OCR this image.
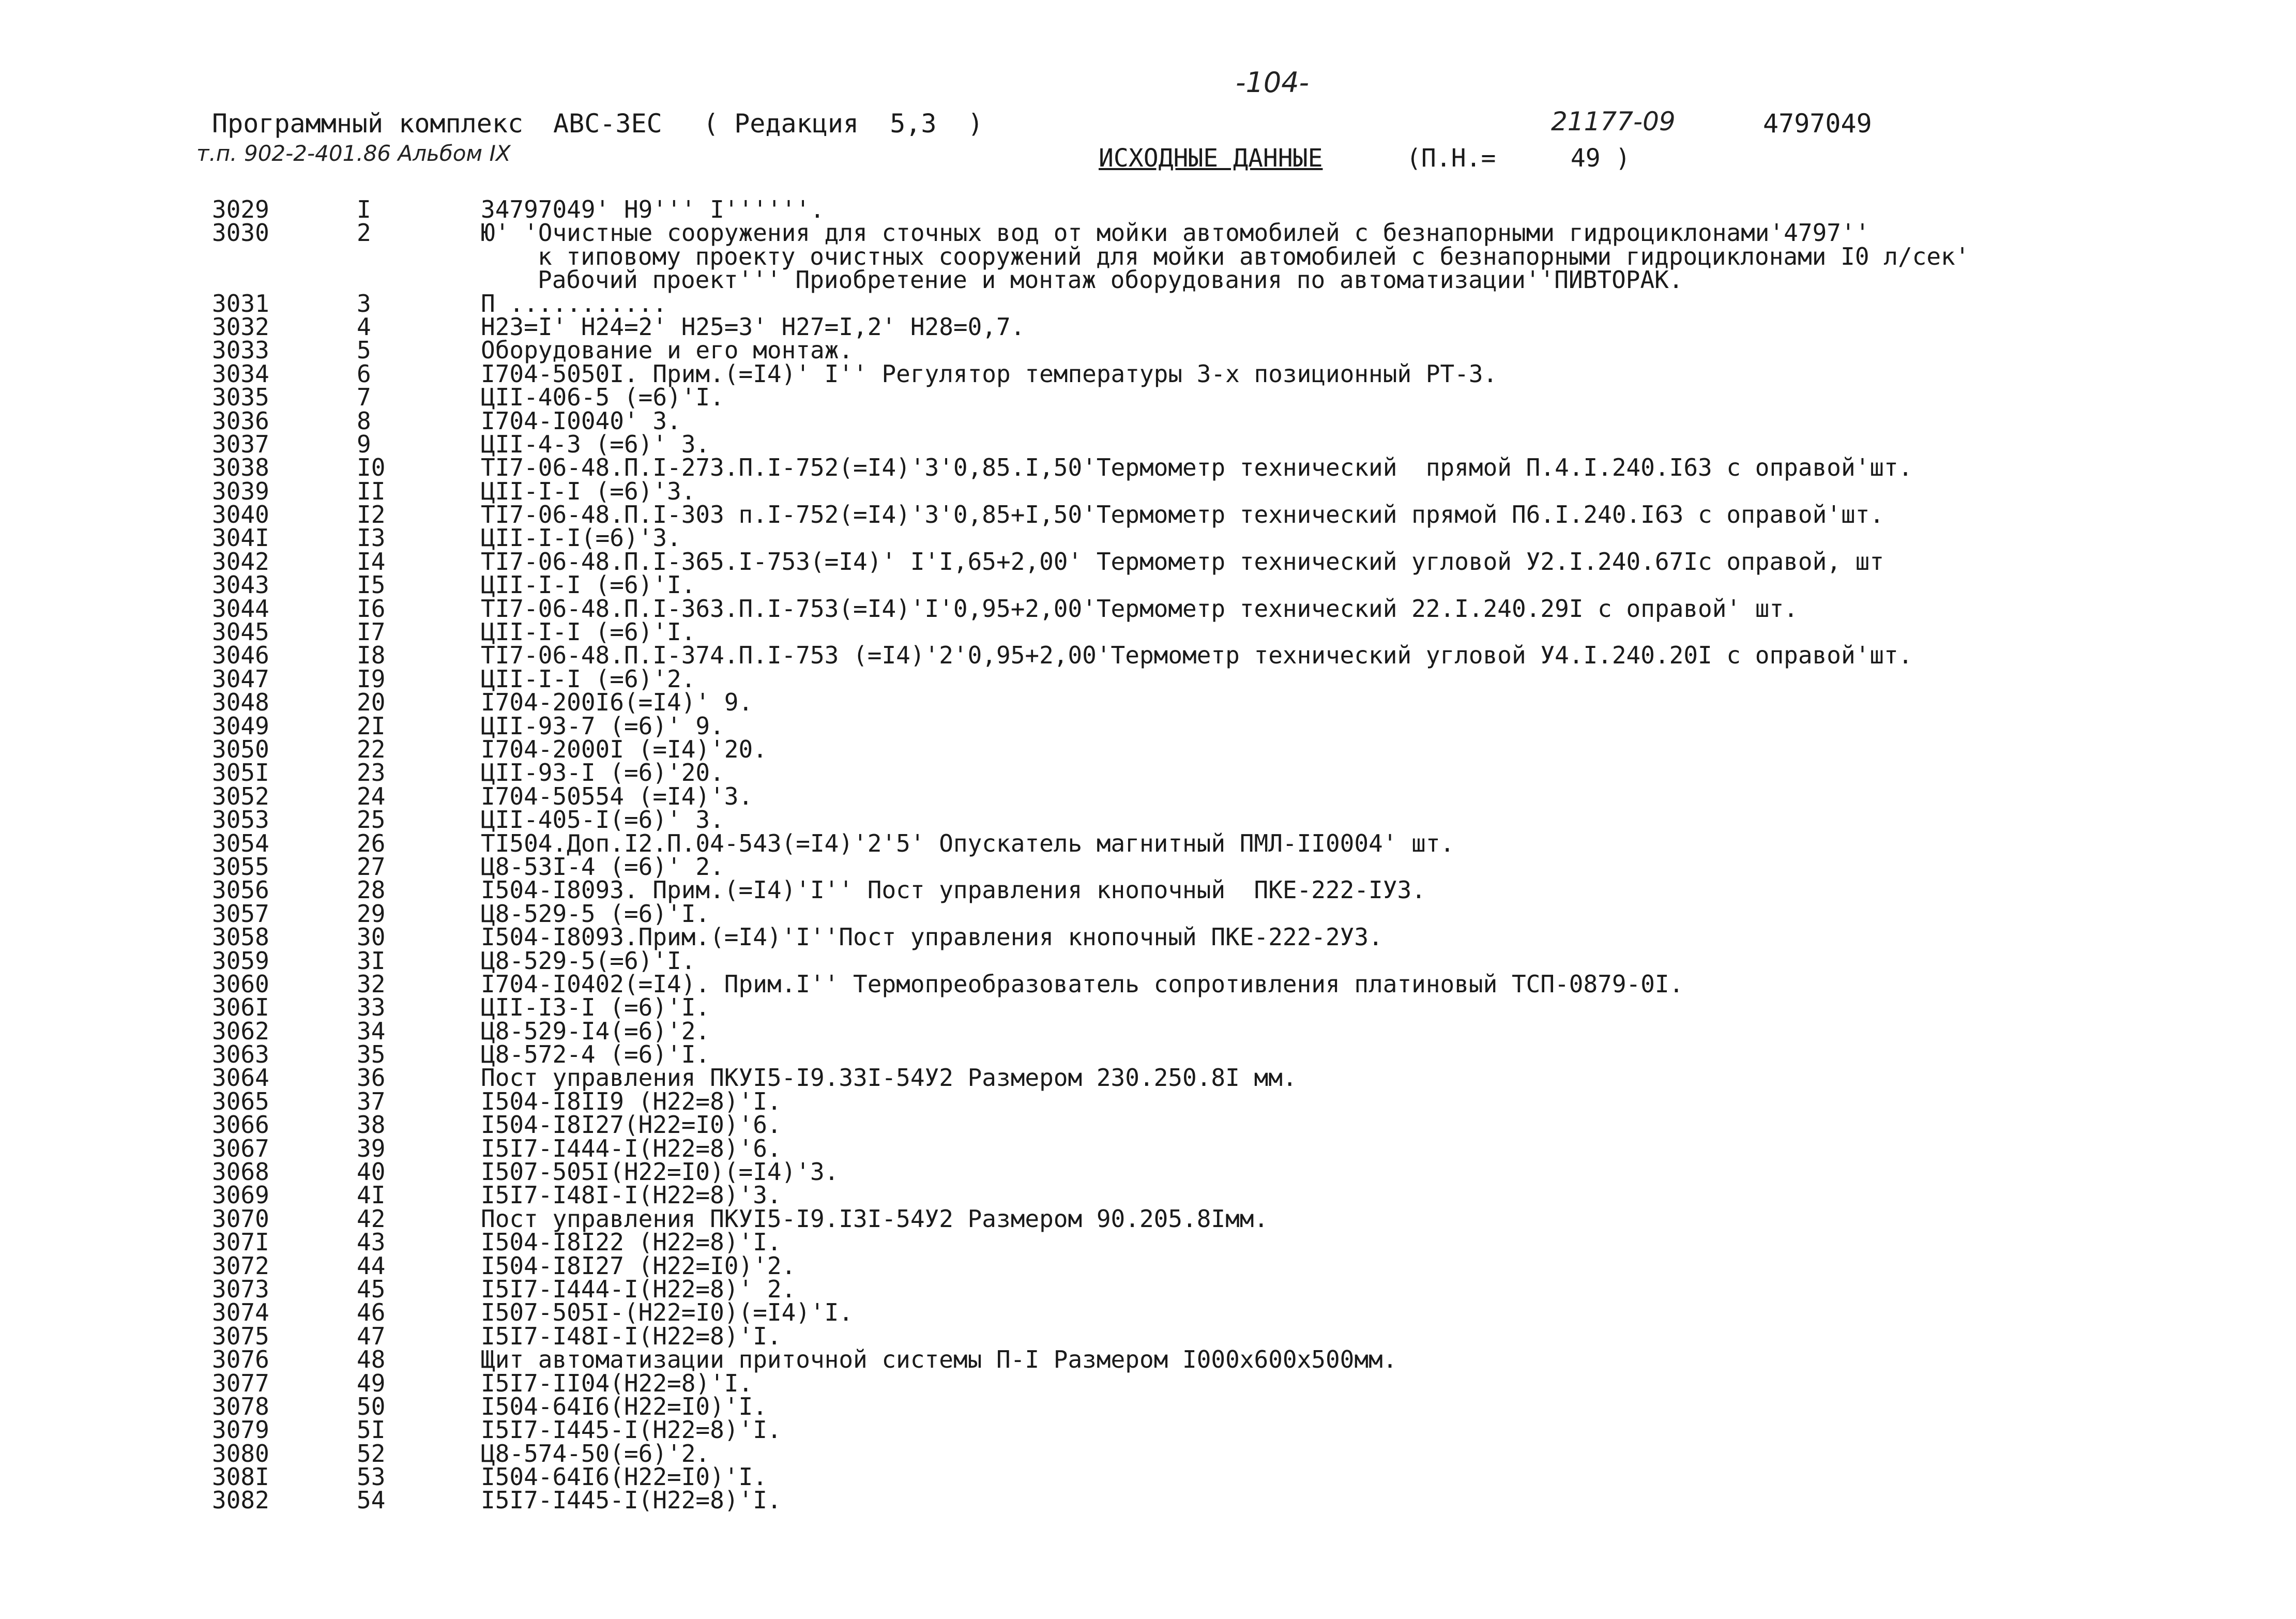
-104-
Программный комплекс АВС-ЗЕС ( Редакция  5,3  )	21177-09	4797049
т.п. 902-2-401.86 Альбом IX	ИСХОДНЫЕ ДАННЫЕ	(П.Н.=     49 )
3029	I	34797049' Н9''' I''''''.
3030	2	Ю' 'Очистные сооружения для сточных вод от мойки автомобилей с безнапорными гидроциклонами'4797''
к типовому проекту очистных сооружений для мойки автомобилей с безнапорными гидроциклонами I0 л/сек'
Рабочий проект''' Приобретение и монтаж оборудования по автоматизации''ПИВТОРАК.
3031	3	П ...........
3032	4	Н23=I' Н24=2' Н25=3' Н27=I,2' Н28=0,7.
3033	5	Оборудование и его монтаж.
3034	6	I704-5050I. Прим.(=I4)' I'' Регулятор температуры 3-х позиционный РТ-3.
3035	7	ЦII-406-5 (=6)'I.
3036	8	I704-I0040' 3.
3037	9	ЦII-4-3 (=6)' 3.
3038	I0	ТI7-06-48.П.I-273.П.I-752(=I4)'3'0,85.I,50'Термометр технический  прямой П.4.I.240.I63 с оправой'шт.
3039	II	ЦII-I-I (=6)'3.
3040	I2	ТI7-06-48.П.I-303 п.I-752(=I4)'3'0,85+I,50'Термометр технический прямой П6.I.240.I63 с оправой'шт.
304I	I3	ЦII-I-I(=6)'3.
3042	I4	ТI7-06-48.П.I-365.I-753(=I4)' I'I,65+2,00' Термометр технический угловой У2.I.240.67Iс оправой, шт
3043	I5	ЦII-I-I (=6)'I.
3044	I6	ТI7-06-48.П.I-363.П.I-753(=I4)'I'0,95+2,00'Термометр технический 22.I.240.29I с оправой' шт.
3045	I7	ЦII-I-I (=6)'I.
3046	I8	ТI7-06-48.П.I-374.П.I-753 (=I4)'2'0,95+2,00'Термометр технический угловой У4.I.240.20I с оправой'шт.
3047	I9	ЦII-I-I (=6)'2.
3048	20	I704-200I6(=I4)' 9.
3049	2I	ЦII-93-7 (=6)' 9.
3050	22	I704-2000I (=I4)'20.
305I	23	ЦII-93-I (=6)'20.
3052	24	I704-50554 (=I4)'3.
3053	25	ЦII-405-I(=6)' 3.
3054	26	ТI504.Доп.I2.П.04-543(=I4)'2'5' Опускатель магнитный ПМЛ-II0004' шт.
3055	27	Ц8-53I-4 (=6)' 2.
3056	28	I504-I8093. Прим.(=I4)'I'' Пост управления кнопочный  ПКЕ-222-IУЗ.
3057	29	Ц8-529-5 (=6)'I.
3058	30	I504-I8093.Прим.(=I4)'I''Пост управления кнопочный ПКЕ-222-2УЗ.
3059	3I	Ц8-529-5(=6)'I.
3060	32	I704-I0402(=I4). Прим.I'' Термопреобразователь сопротивления платиновый ТСП-0879-0I.
306I	33	ЦII-I3-I (=6)'I.
3062	34	Ц8-529-I4(=6)'2.
3063	35	Ц8-572-4 (=6)'I.
3064	36	Пост управления ПКУI5-I9.33I-54У2 Размером 230.250.8I мм.
3065	37	I504-I8II9 (Н22=8)'I.
3066	38	I504-I8I27(Н22=I0)'6.
3067	39	I5I7-I444-I(Н22=8)'6.
3068	40	I507-505I(Н22=I0)(=I4)'3.
3069	4I	I5I7-I48I-I(Н22=8)'3.
3070	42	Пост управления ПКУI5-I9.I3I-54У2 Размером 90.205.8Iмм.
307I	43	I504-I8I22 (Н22=8)'I.
3072	44	I504-I8I27 (Н22=I0)'2.
3073	45	I5I7-I444-I(Н22=8)' 2.
3074	46	I507-505I-(Н22=I0)(=I4)'I.
3075	47	I5I7-I48I-I(Н22=8)'I.
3076	48	Щит автоматизации приточной системы П-I Размером I000х600х500мм.
3077	49	I5I7-II04(Н22=8)'I.
3078	50	I504-64I6(Н22=I0)'I.
3079	5I	I5I7-I445-I(Н22=8)'I.
3080	52	Ц8-574-50(=6)'2.
308I	53	I504-64I6(Н22=I0)'I.
3082	54	I5I7-I445-I(Н22=8)'I.
